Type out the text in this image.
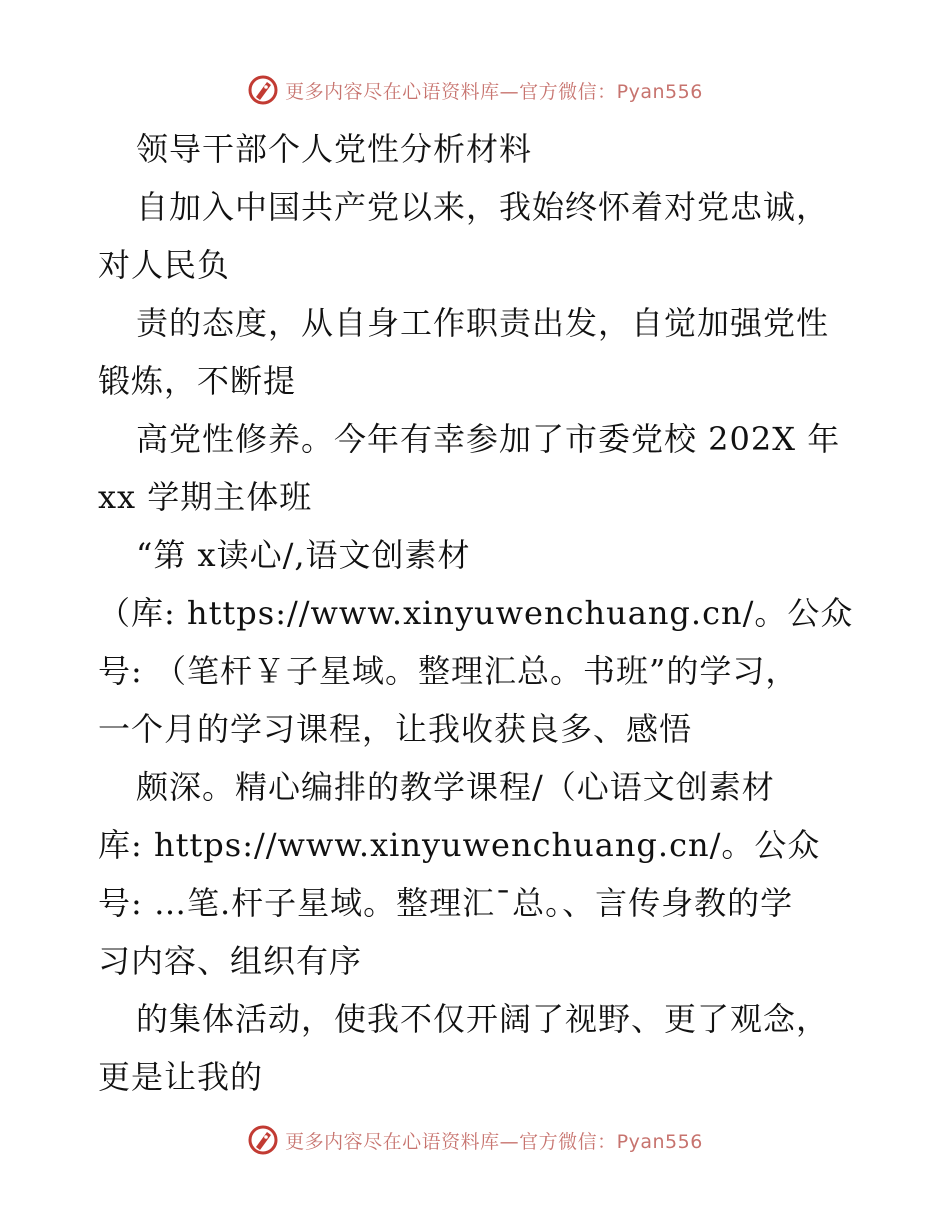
更多内容尽在心语资料库—官方微信：Pyan556
领导干部个人党性分析材料
自加入中国共产党以来，我始终怀着对党忠诚，
对人民负
责的态度，从自身工作职责出发，自觉加强党性
锻炼，不断提
高党性修养。今年有幸参加了市委党校 202X 年
xx 学期主体班
“第 x读心/,语文创素材
（库: https://www.xinyuwenchuang.cn/。公众
号: （笔杆￥子星域。整理汇总。书班”的学习，
一个月的学习课程，让我收获良多、感悟
颇深。精心编排的教学课程/（心语文创素材
库: https://www.xinyuwenchuang.cn/。公众
号: …笔.杆子星域。整理汇¯总。、言传身教的学
习内容、组织有序
的集体活动，使我不仅开阔了视野、更了观念，
更是让我的
更多内容尽在心语资料库—官方微信：Pyan556
